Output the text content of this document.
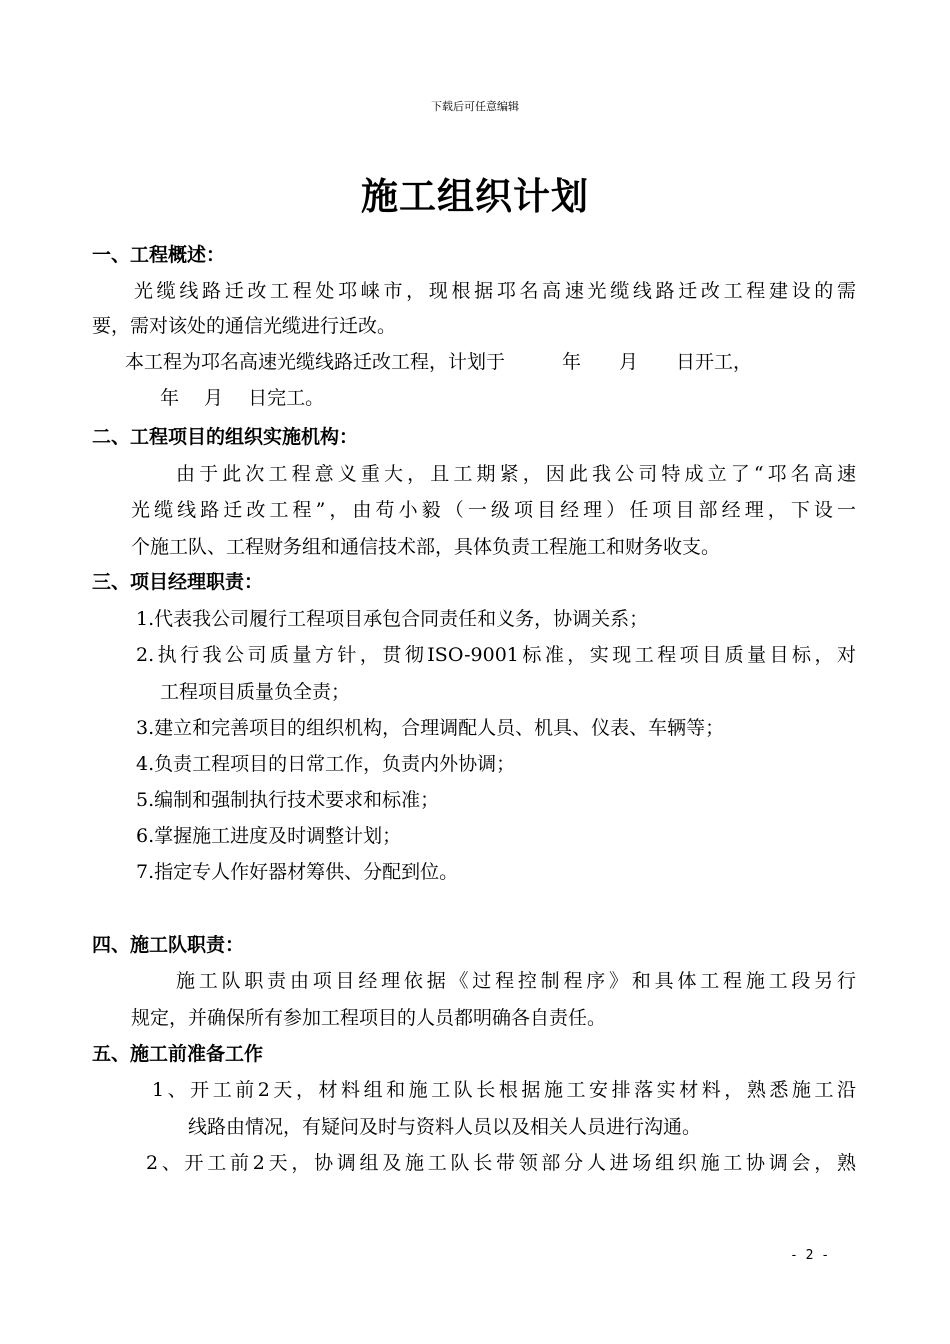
下载后可任意编辑
施工组织计划
一、工程概述：
光缆线路迁改工程处邛崃市，现根据邛名高速光缆线路迁改工程建设的需
要，需对该处的通信光缆进行迁改。
本工程为邛名高速光缆线路迁改工程，计划于　　　年　　月　　日开工，
年　 月　 日完工。
二、工程项目的组织实施机构：
由于此次工程意义重大，且工期紧，因此我公司特成立了“邛名高速
光缆线路迁改工程”，由苟小毅（一级项目经理）任项目部经理，下设一
个施工队、工程财务组和通信技术部，具体负责工程施工和财务收支。
三、项目经理职责：
1.代表我公司履行工程项目承包合同责任和义务，协调关系；
2.执行我公司质量方针，贯彻ISO-9001标准，实现工程项目质量目标，对
工程项目质量负全责；
3.建立和完善项目的组织机构，合理调配人员、机具、仪表、车辆等；
4.负责工程项目的日常工作，负责内外协调；
5.编制和强制执行技术要求和标准；
6.掌握施工进度及时调整计划；
7.指定专人作好器材筹供、分配到位。
四、施工队职责：
施工队职责由项目经理依据《过程控制程序》和具体工程施工段另行
规定，并确保所有参加工程项目的人员都明确各自责任。
五、施工前准备工作
1、开工前2天，材料组和施工队长根据施工安排落实材料，熟悉施工沿
线路由情况，有疑问及时与资料人员以及相关人员进行沟通。
2、开工前2天，协调组及施工队长带领部分人进场组织施工协调会，熟
- 2 -
